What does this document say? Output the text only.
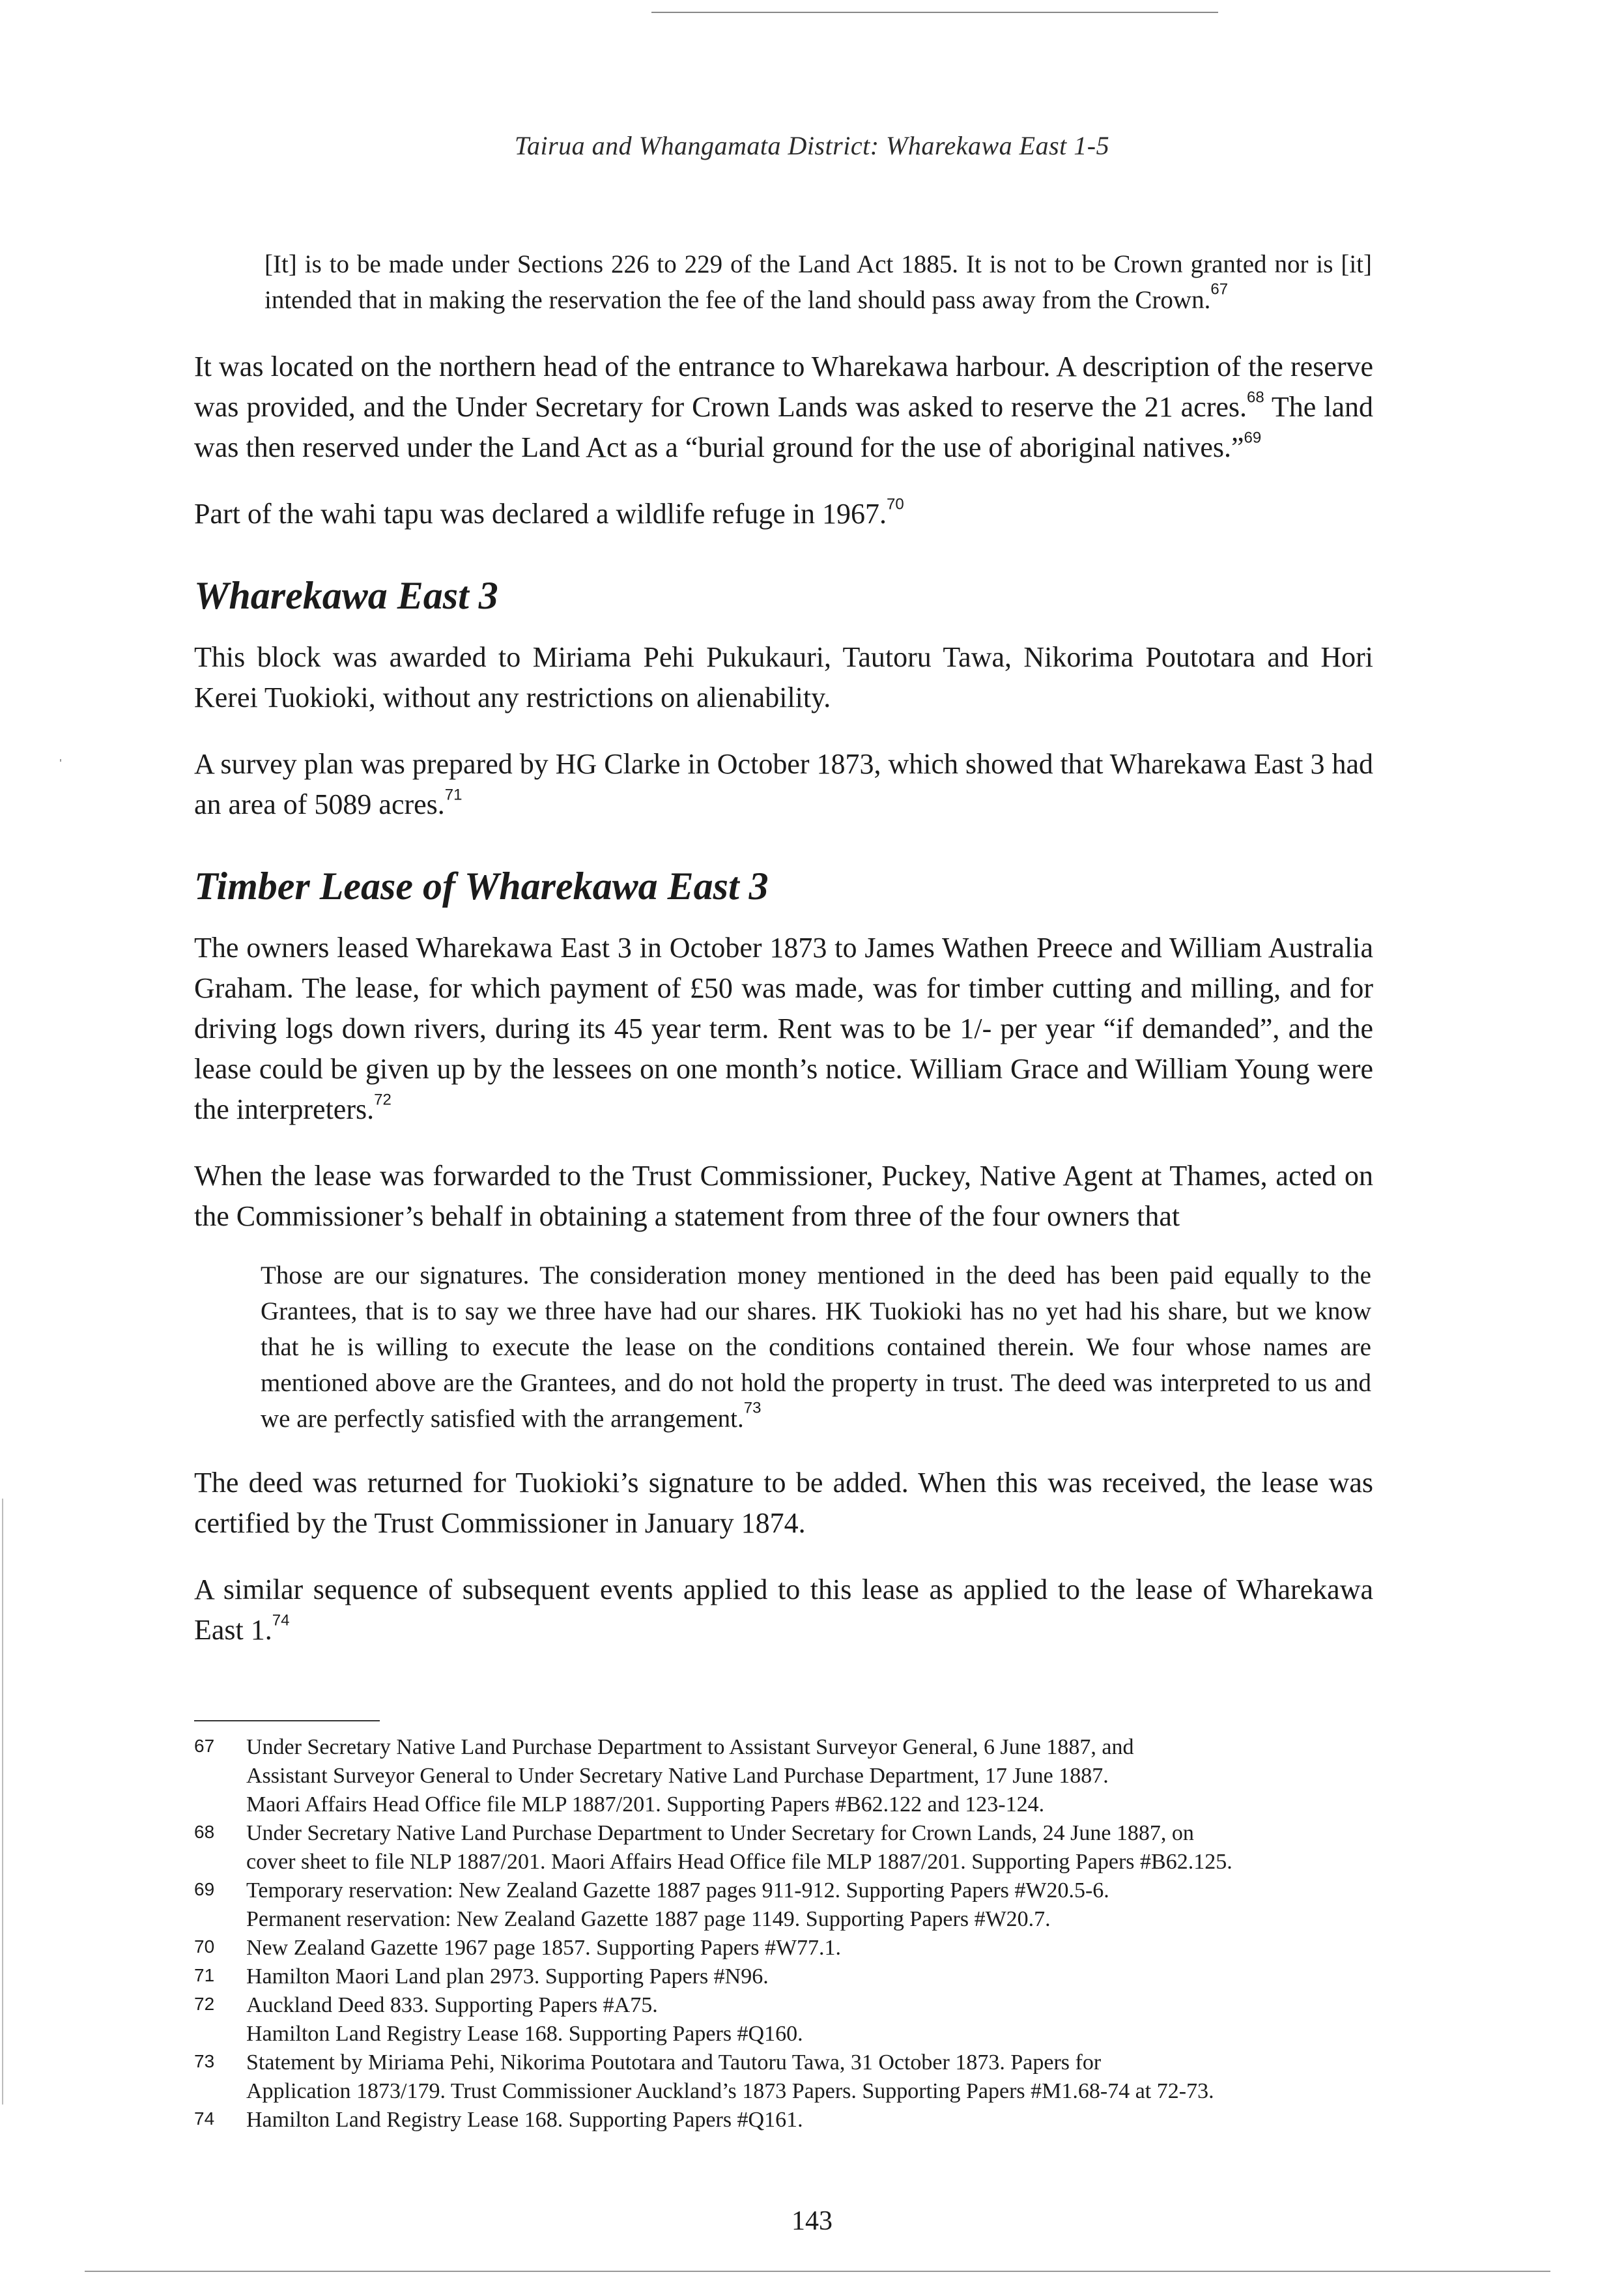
Tairua and Whangamata District: Wharekawa East 1-5

[It] is to be made under Sections 226 to 229 of the Land Act 1885. It is not to be Crown granted nor is [it] intended that in making the reservation the fee of the land should pass away from the Crown.$^{67}$

It was located on the northern head of the entrance to Wharekawa harbour. A description of the reserve was provided, and the Under Secretary for Crown Lands was asked to reserve the 21 acres.$^{68}$ The land was then reserved under the Land Act as a “burial ground for the use of aboriginal natives.”$^{69}$

Part of the wahi tapu was declared a wildlife refuge in 1967.70

Wharekawa East 3

This block was awarded to Miriama Pehi Pukukauri, Tautoru Tawa, Nikorima Poutotara and Hori Kerei Tuokioki, without any restrictions on alienability.

A survey plan was prepared by HG Clarke in October 1873, which showed that Wharekawa East 3 had an area of 5089 acres.$^{71}$

Timber Lease of Wharekawa East 3

The owners leased Wharekawa East 3 in October 1873 to James Wathen Preece and William Australia Graham. The lease, for which payment of £50 was made, was for timber cutting and milling, and for driving logs down rivers, during its 45 year term. Rent was to be 1/- per year “if demanded”, and the lease could be given up by the lessees on one month’s notice. William Grace and William Young were the interpreters.$^{72}$

When the lease was forwarded to the Trust Commissioner, Puckey, Native Agent at Thames, acted on the Commissioner’s behalf in obtaining a statement from three of the four owners that

Those are our signatures. The consideration money mentioned in the deed has been paid equally to the Grantees, that is to say we three have had our shares. HK Tuokioki has no yet had his share, but we know that he is willing to execute the lease on the conditions contained therein. We four whose names are mentioned above are the Grantees, and do not hold the property in trust. The deed was interpreted to us and we are perfectly satisfied with the arrangement.$^{73}$

The deed was returned for Tuokioki’s signature to be added. When this was received, the lease was certified by the Trust Commissioner in January 1874.

A similar sequence of subsequent events applied to this lease as applied to the lease of Wharekawa East 1.74

67 Under Secretary Native Land Purchase Department to Assistant Surveyor General, 6 June 1887, and
Assistant Surveyor General to Under Secretary Native Land Purchase Department, 17 June 1887.
Maori Affairs Head Office file MLP 1887/201. Supporting Papers #B62.122 and 123-124.
68 Under Secretary Native Land Purchase Department to Under Secretary for Crown Lands, 24 June 1887, on
cover sheet to file NLP 1887/201. Maori Affairs Head Office file MLP 1887/201. Supporting Papers #B62.125.
69 Temporary reservation: New Zealand Gazette 1887 pages 911-912. Supporting Papers #W20.5-6.
Permanent reservation: New Zealand Gazette 1887 page 1149. Supporting Papers #W20.7.
70 New Zealand Gazette 1967 page 1857. Supporting Papers #W77.1.
71 Hamilton Maori Land plan 2973. Supporting Papers #N96.
72 Auckland Deed 833. Supporting Papers #A75.
Hamilton Land Registry Lease 168. Supporting Papers #Q160.
73 Statement by Miriama Pehi, Nikorima Poutotara and Tautoru Tawa, 31 October 1873. Papers for
Application 1873/179. Trust Commissioner Auckland’s 1873 Papers. Supporting Papers #M1.68-74 at 72-73.
74 Hamilton Land Registry Lease 168. Supporting Papers #Q161.
143
